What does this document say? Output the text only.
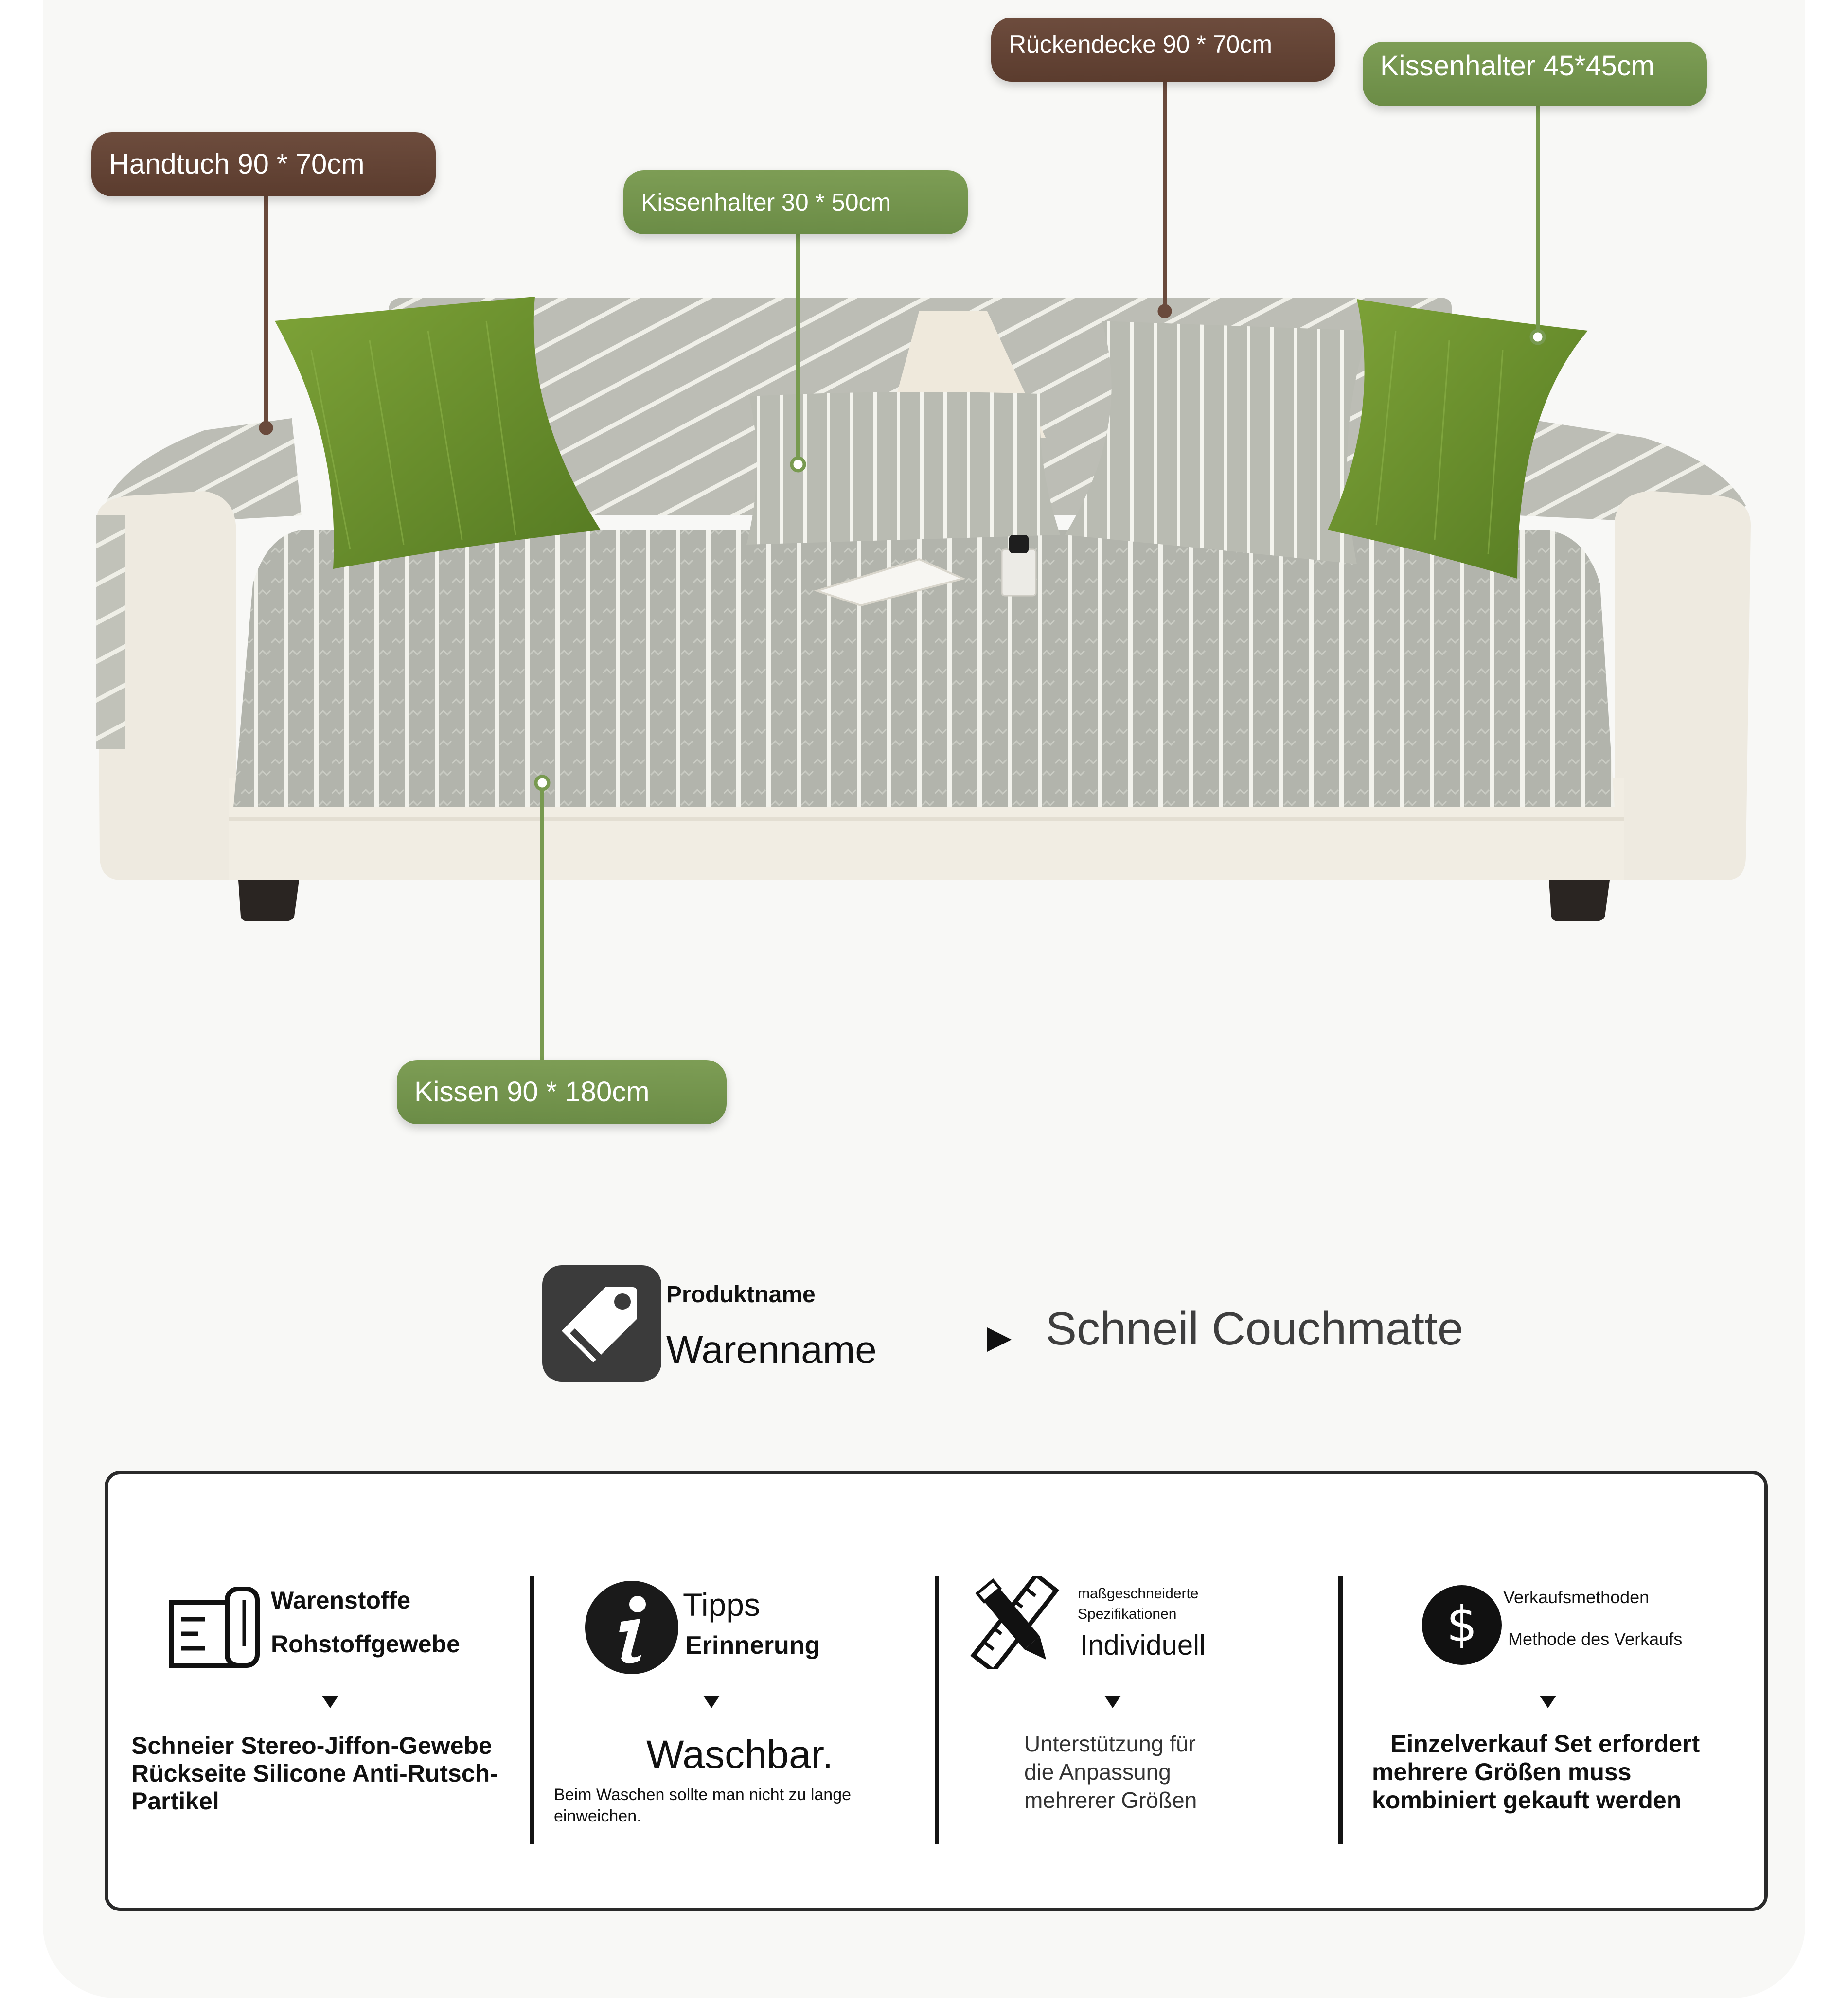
Handtuch 90 * 70cm
Kissenhalter 30 * 50cm
Rückendecke 90 * 70cm
Kissenhalter 45*45cm
Kissen 90 * 180cm
Produktname
Warenname	Schneil Couchmatte
Warenstoffe
Rohstoffgewebe
Schneier Stereo-Jiffon-Gewebe Rückseite Silicone Anti-Rutsch-Partikel
Tipps
Erinnerung
Waschbar.
Beim Waschen sollte man nicht zu lange einweichen.
maßgeschneiderte Spezifikationen
Individuell
Unterstützung für die Anpassung mehrerer Größen
$ Verkaufsmethoden
Methode des Verkaufs
Einzelverkauf Set erfordert mehrere Größen muss kombiniert gekauft werden
